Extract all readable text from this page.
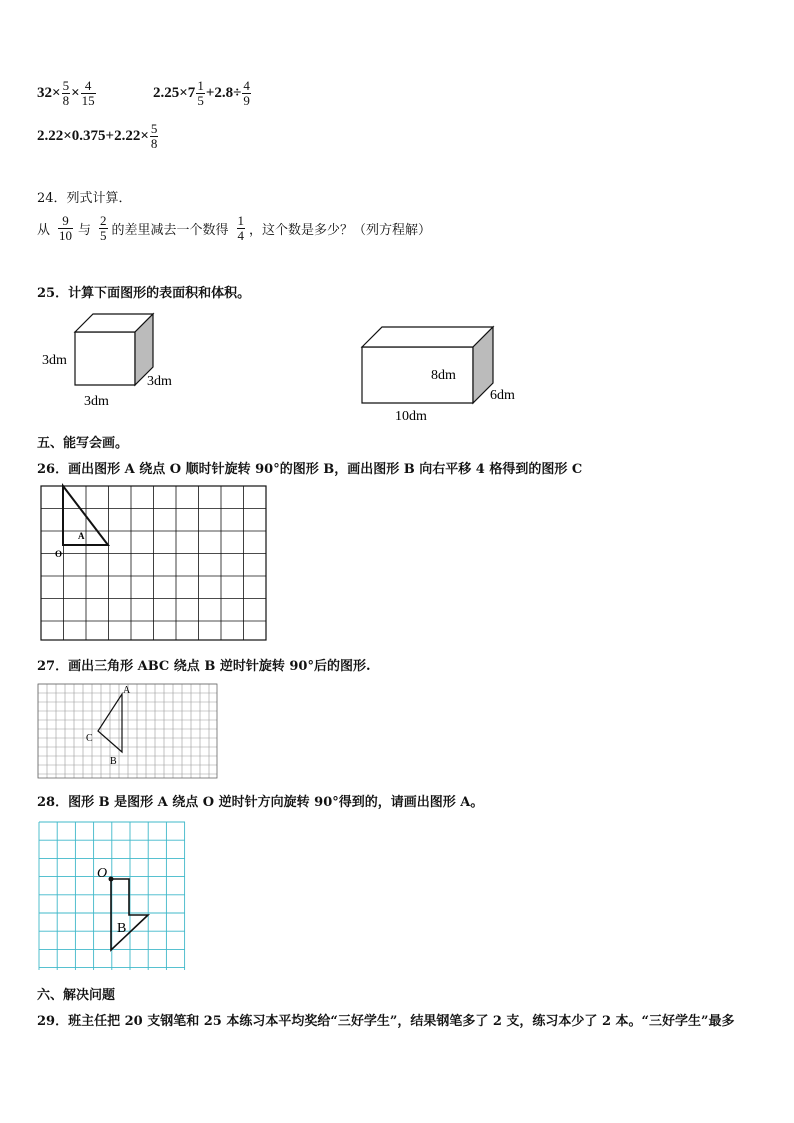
$32\times \frac{5}{8} \times \frac{4}{15}$	$2.25\times 7 \frac{1}{5} +2.8\div \frac{4}{9}$
$2.22\times 0.375+2.22\times \frac{5}{8}$
24．列式计算．
从 $\frac{9}{10}$ 与 $\frac{2}{5}$ 的差里减去一个数得 $\frac{1}{4}$ ，这个数是多少？（列方程解）
25．计算下面图形的表面积和体积。
3dm
3dm
3dm
8dm
6dm
10dm
五、能写会画。
26．画出图形 A 绕点 O 顺时针旋转 90°的图形 B，画出图形 B 向右平移 4 格得到的图形 C
A
O
27．画出三角形 ABC 绕点 B 逆时针旋转 90°后的图形.
A
B
C
28．图形 B 是图形 A 绕点 O 逆时针方向旋转 90°得到的，请画出图形 A。
O
B
六、解决问题
29．班主任把 20 支钢笔和 25 本练习本平均奖给“三好学生”，结果钢笔多了 2 支，练习本少了 2 本。“三好学生”最多
